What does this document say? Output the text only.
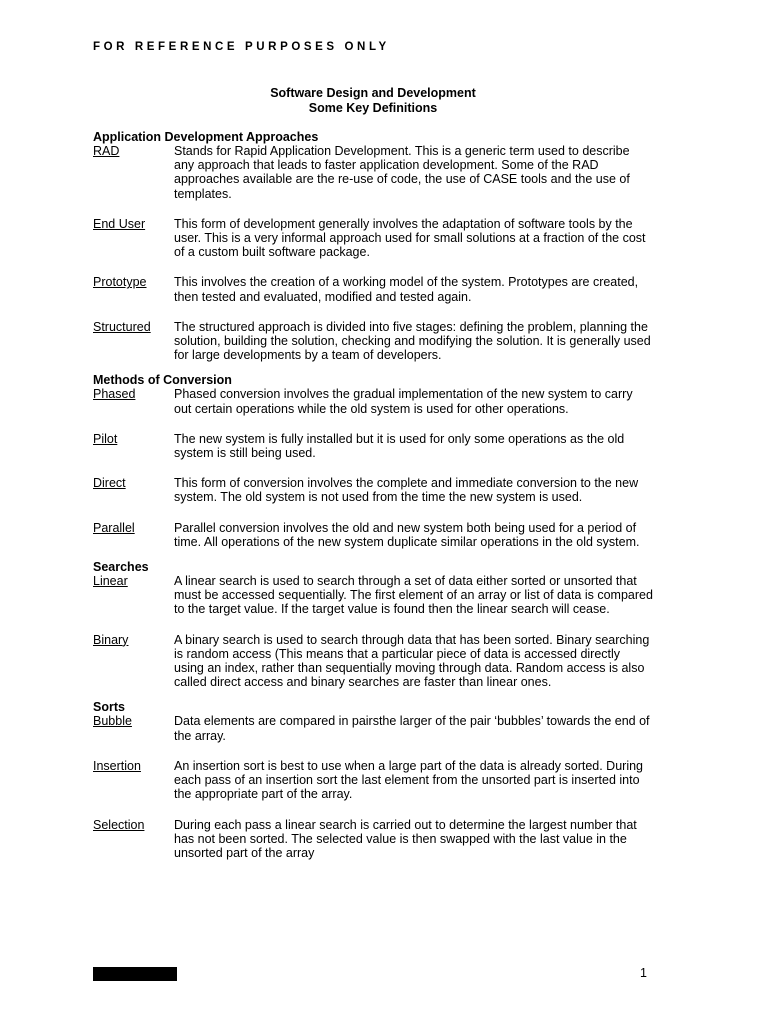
FOR REFERENCE PURPOSES ONLY
Software Design and Development
Some Key Definitions
Application Development Approaches
RAD	Stands for Rapid Application Development. This is a generic term used to describe any approach that leads to faster application development. Some of the RAD approaches available are the re-use of code, the use of CASE tools and the use of templates.
End User	This form of development generally involves the adaptation of software tools by the user. This is a very informal approach used for small solutions at a fraction of the cost of a custom built software package.
Prototype	This involves the creation of a working model of the system. Prototypes are created, then tested and evaluated, modified and tested again.
Structured	The structured approach is divided into five stages: defining the problem, planning the solution, building the solution, checking and modifying the solution. It is generally used for large developments by a team of developers.
Methods of Conversion
Phased	Phased conversion involves the gradual implementation of the new system to carry out certain operations while the old system is used for other operations.
Pilot	The new system is fully installed but it is used for only some operations as the old system is still being used.
Direct	This form of conversion involves the complete and immediate conversion to the new system. The old system is not used from the time the new system is used.
Parallel	Parallel conversion involves the old and new system both being used for a period of time. All operations of the new system duplicate similar operations in the old system.
Searches
Linear	A linear search is used to search through a set of data either sorted or unsorted that must be accessed sequentially. The first element of an array or list of data is compared to the target value. If the target value is found then the linear search will cease.
Binary	A binary search is used to search through data that has been sorted. Binary searching is random access (This means that a particular piece of data is accessed directly using an index, rather than sequentially moving through data. Random access is also called direct access and binary searches are faster than linear ones.
Sorts
Bubble	Data elements are compared in pairsthe larger of the pair ‘bubbles’ towards the end of the array.
Insertion	An insertion sort is best to use when a large part of the data is already sorted. During each pass of an insertion sort the last element from the unsorted part is inserted into the appropriate part of the array.
Selection	During each pass a linear search is carried out to determine the largest number that has not been sorted. The selected value is then swapped with the last value in the unsorted part of the array
1
